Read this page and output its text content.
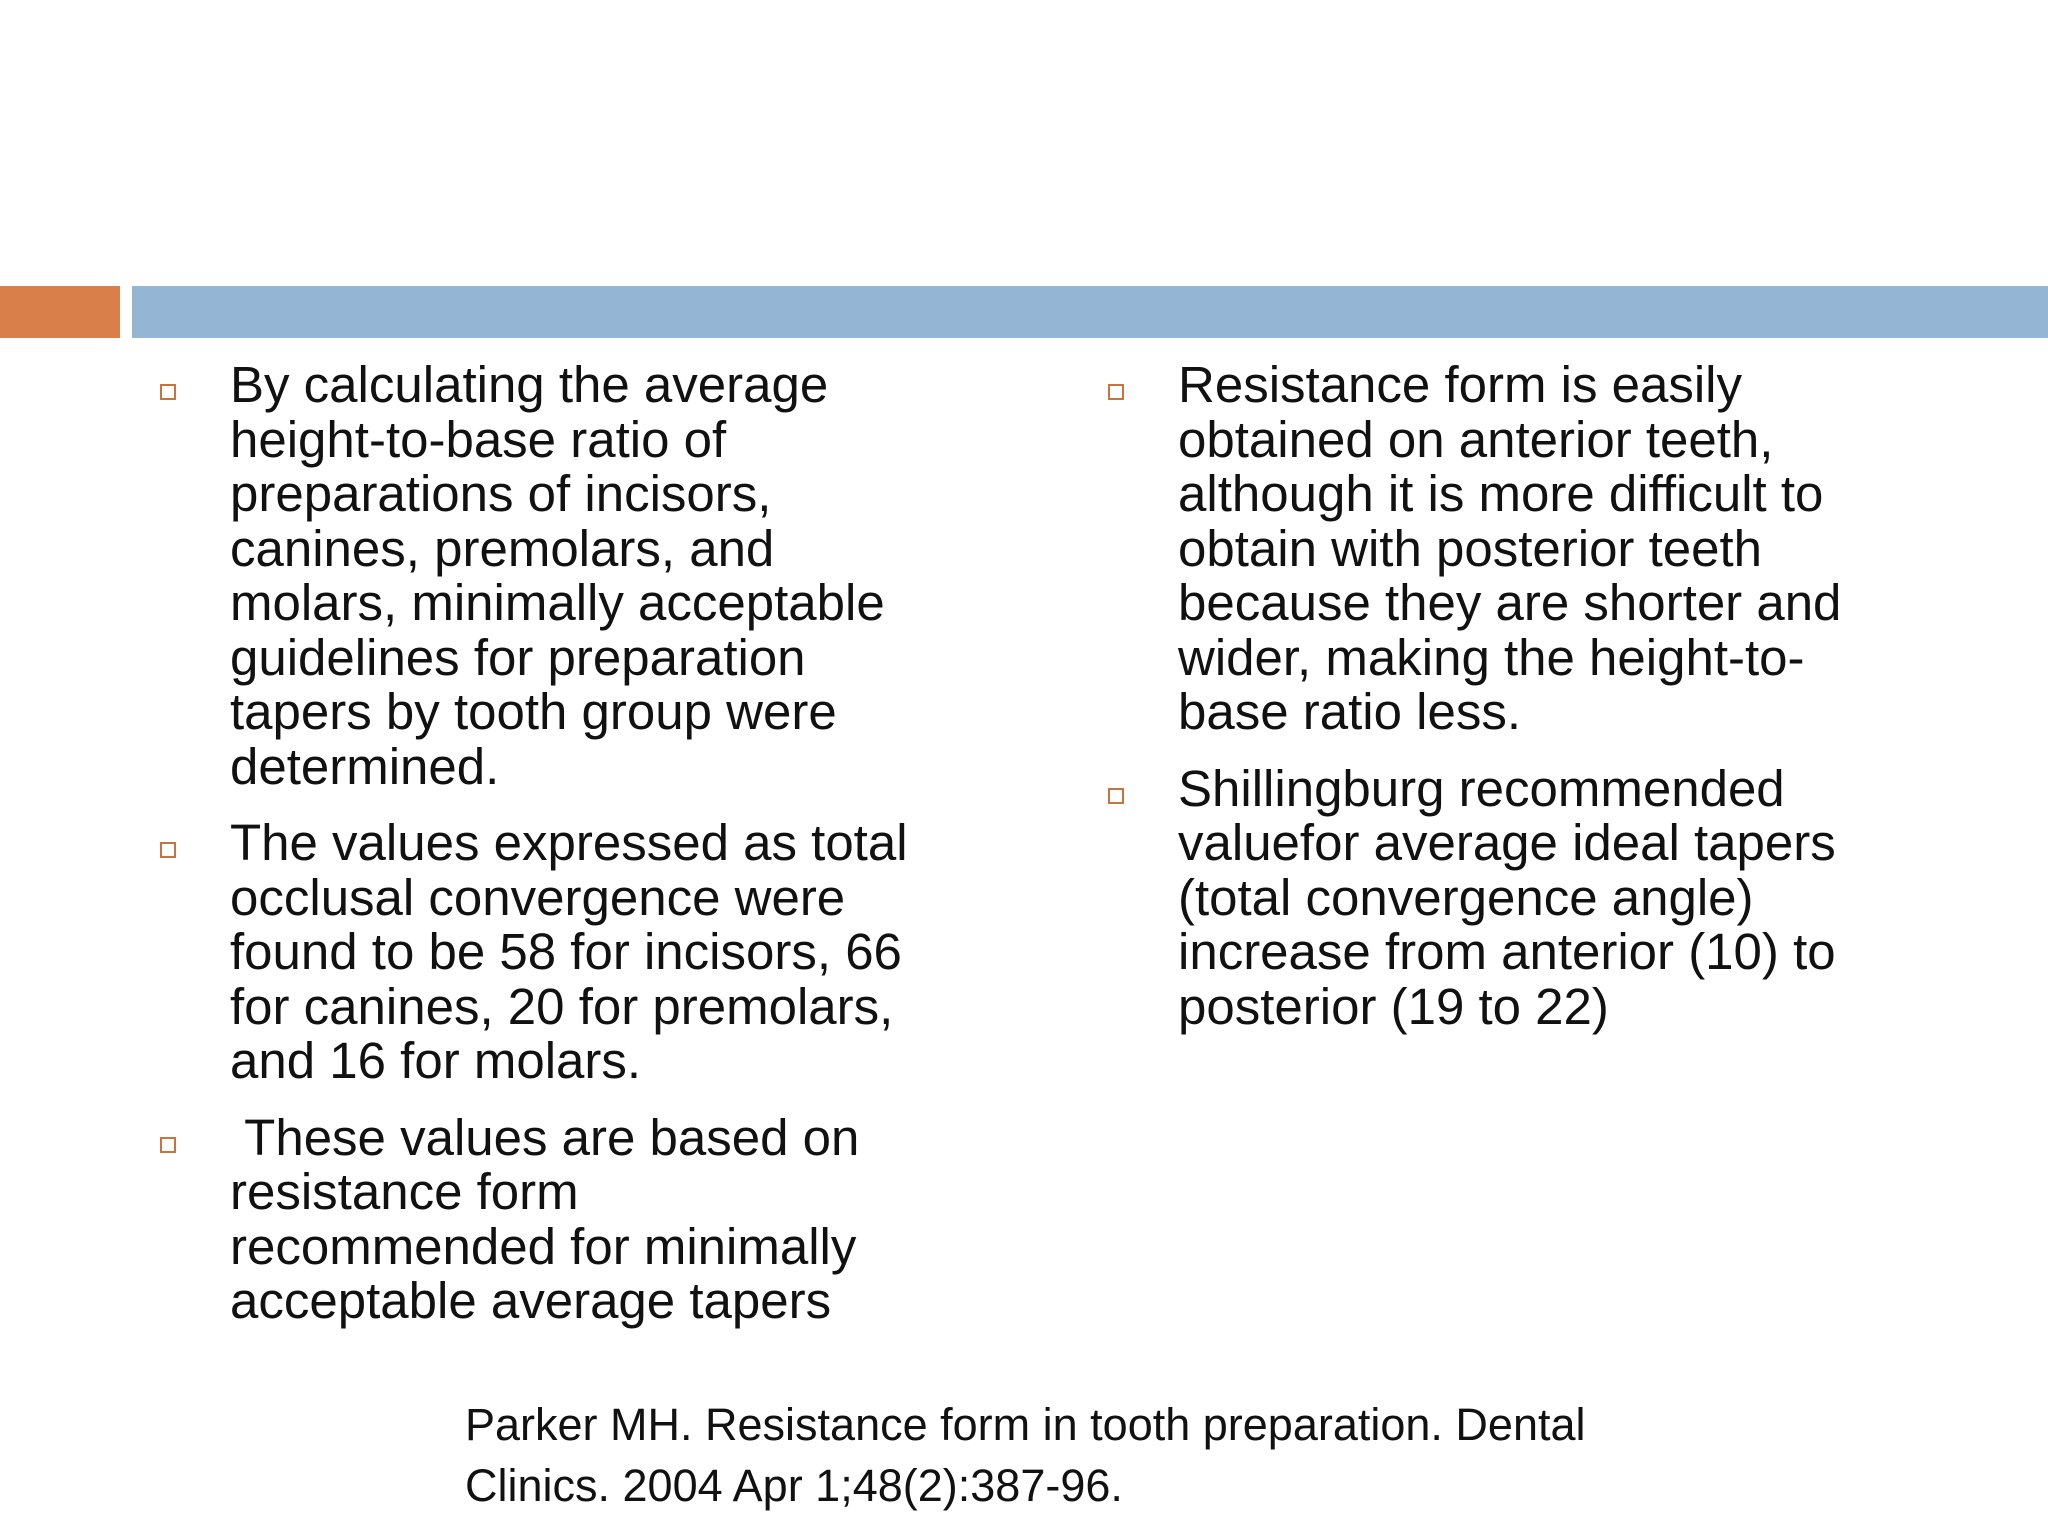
By calculating the average
height-to-base ratio of
preparations of incisors,
canines, premolars, and
molars, minimally acceptable
guidelines for preparation
tapers by tooth group were
determined.
The values expressed as total
occlusal convergence were
found to be 58 for incisors, 66
for canines, 20 for premolars,
and 16 for molars.
These values are based on
resistance form
recommended for minimally
acceptable average tapers
Resistance form is easily
obtained on anterior teeth,
although it is more difficult to
obtain with posterior teeth
because they are shorter and
wider, making the height-to-
base ratio less.
Shillingburg recommended
valuefor average ideal tapers
(total convergence angle)
increase from anterior (10) to
posterior (19 to 22)
Parker MH. Resistance form in tooth preparation. Dental
Clinics. 2004 Apr 1;48(2):387-96.
